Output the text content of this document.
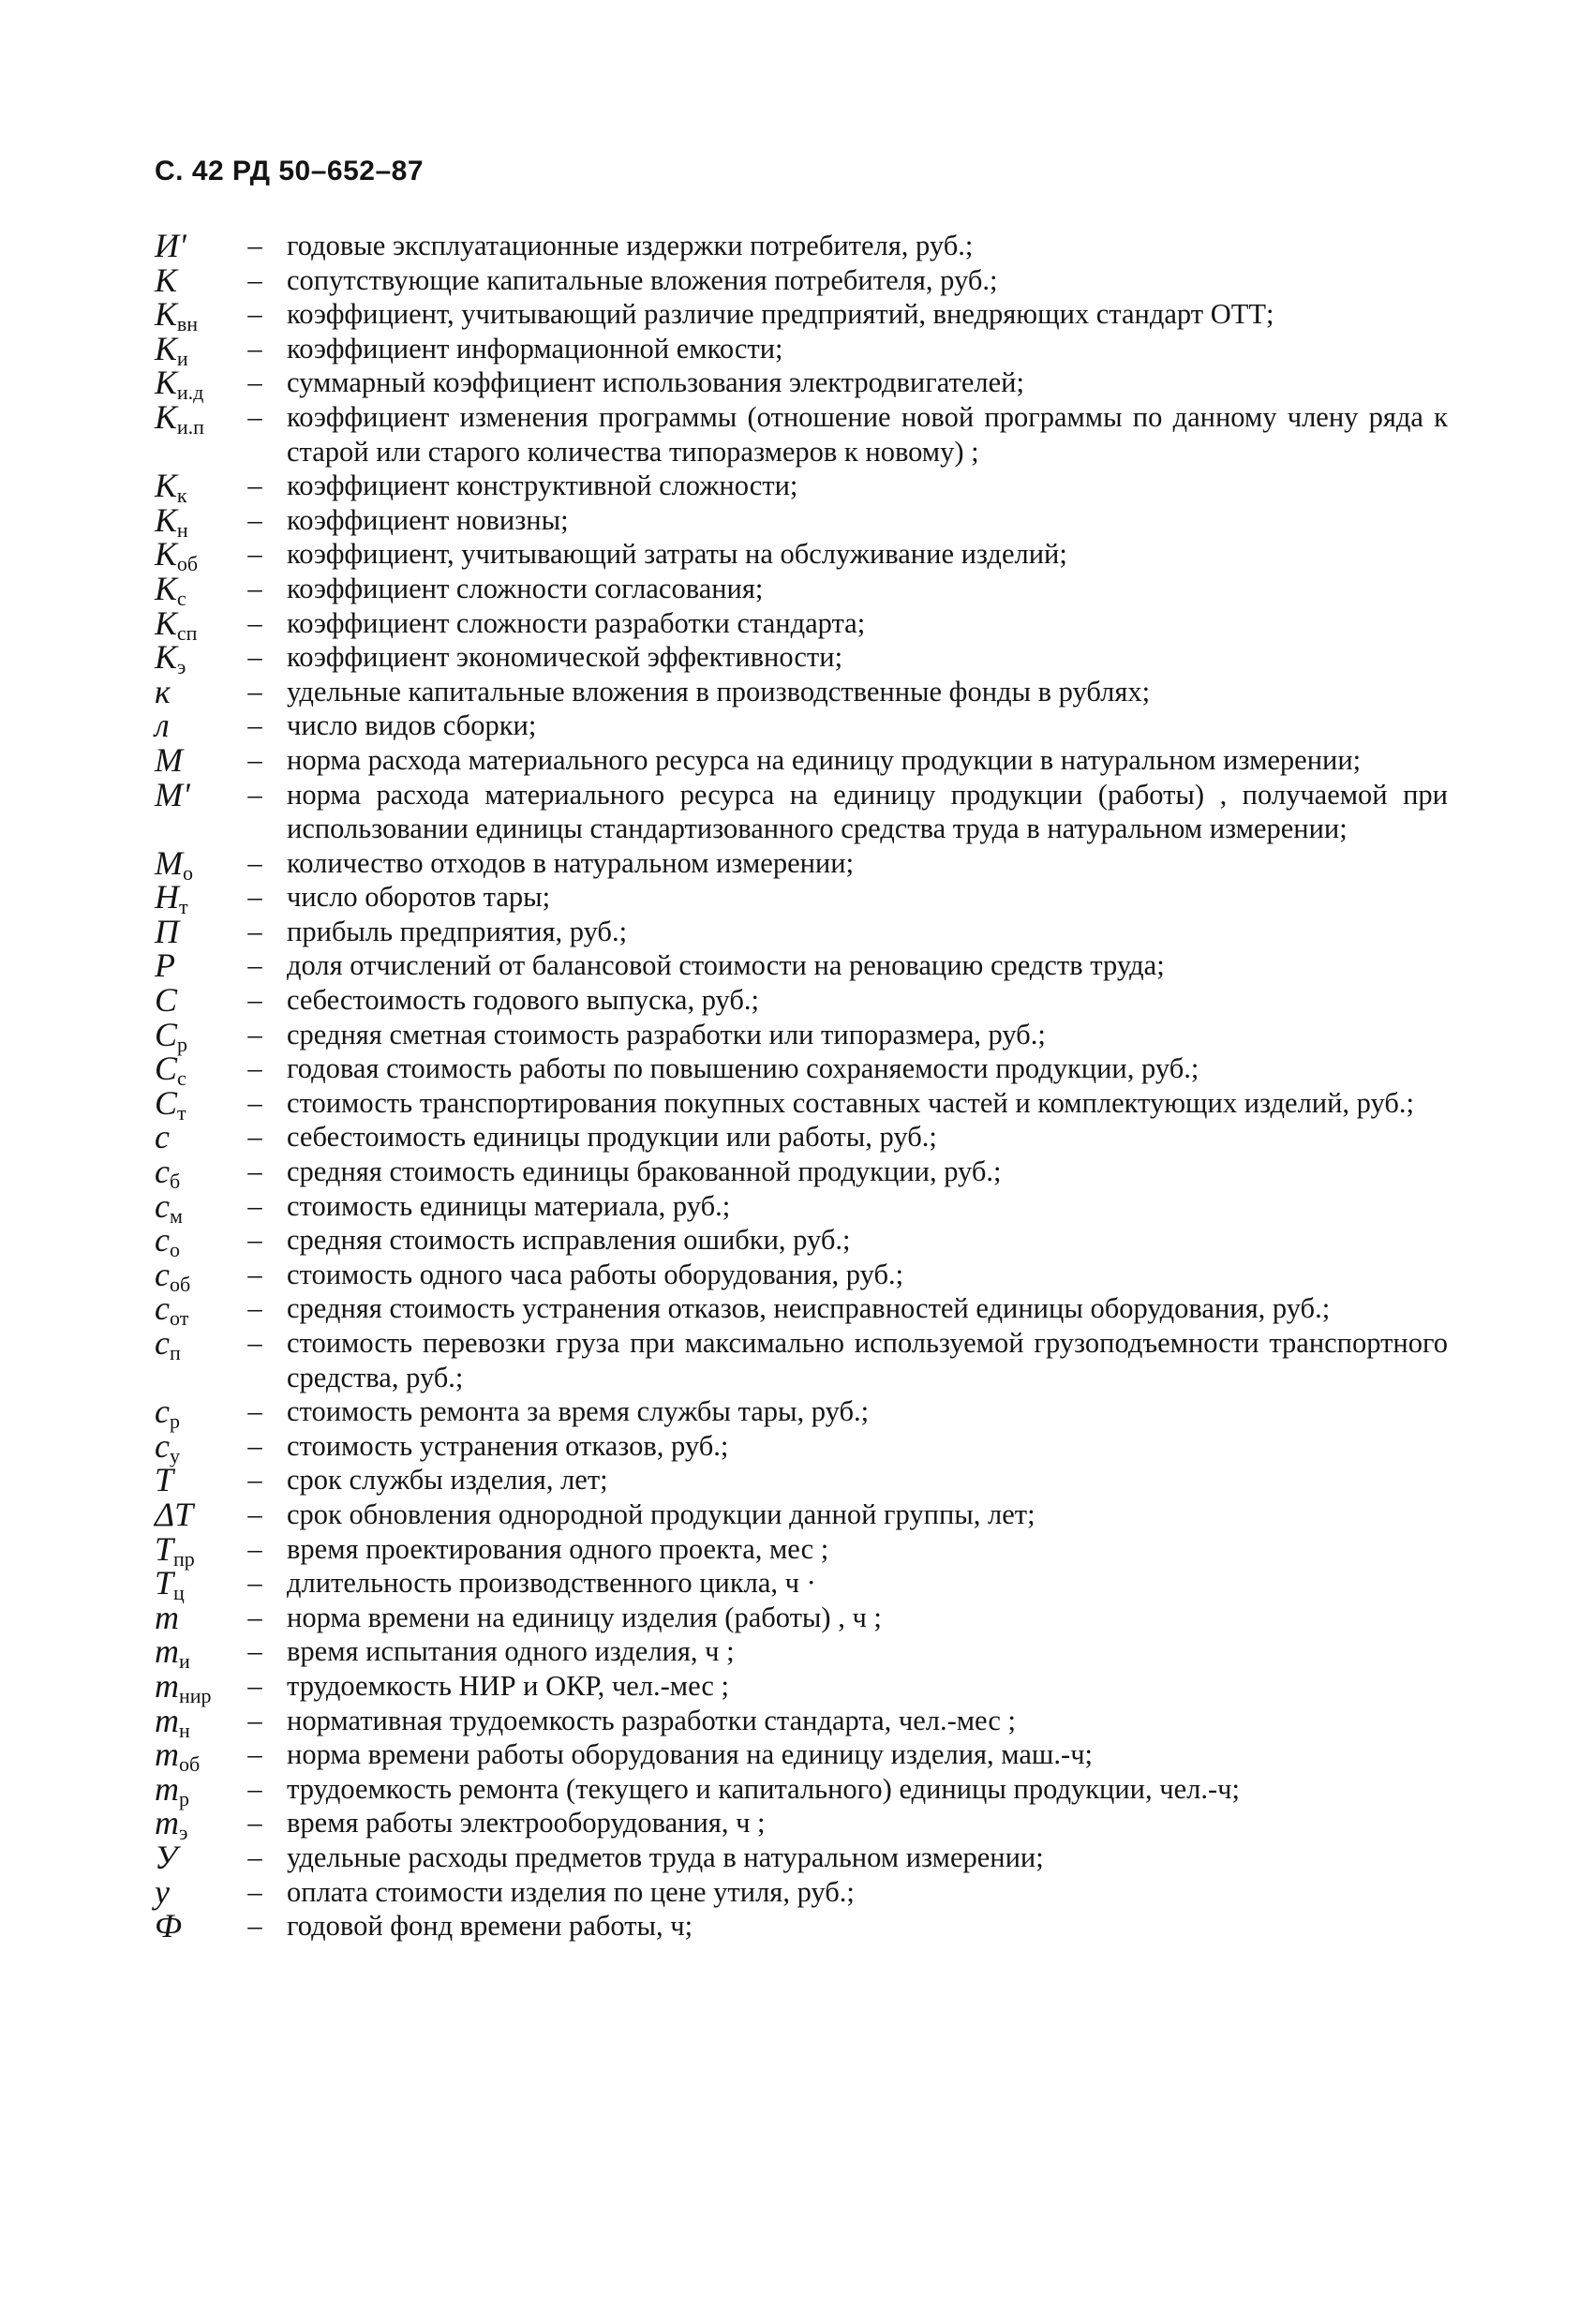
С. 42 РД 50–652–87
И'	– годовые эксплуатационные издержки потребителя, руб.;
К	– сопутствующие капитальные вложения потребителя, руб.;
$К_{вн}$	– коэффициент, учитывающий различие предприятий, внедряющих стандарт ОТТ;
$К_и$	– коэффициент информационной емкости;
$К_{и.д}$	– суммарный коэффициент использования электродвигателей;
$К_{и.п}$	– коэффициент изменения программы (отношение новой программы по данному члену ряда к старой или старого количества типоразмеров к новому) ;
$К_к$	– коэффициент конструктивной сложности;
$К_н$	– коэффициент новизны;
$К_{об}$	– коэффициент, учитывающий затраты на обслуживание изделий;
$К_с$	– коэффициент сложности согласования;
$К_{сп}$	– коэффициент сложности разработки стандарта;
$К_э$	– коэффициент экономической эффективности;
к	– удельные капитальные вложения в производственные фонды в рублях;
л	– число видов сборки;
М	– норма расхода материального ресурса на единицу продукции в натуральном измерении;
М'	– норма расхода материального ресурса на единицу продукции (работы) , получаемой при использовании единицы стандартизованного средства труда в натуральном измерении;
$М_о$	– количество отходов в натуральном измерении;
$Н_т$	– число оборотов тары;
П	– прибыль предприятия, руб.;
Р	– доля отчислений от балансовой стоимости на реновацию средств труда;
С	– себестоимость годового выпуска, руб.;
$С_р$	– средняя сметная стоимость разработки или типоразмера, руб.;
$С_с$	– годовая стоимость работы по повышению сохраняемости продукции, руб.;
$С_т$	– стоимость транспортирования покупных составных частей и комплектующих изделий, руб.;
с	– себестоимость единицы продукции или работы, руб.;
$с_б$	– средняя стоимость единицы бракованной продукции, руб.;
$с_м$	– стоимость единицы материала, руб.;
$с_о$	– средняя стоимость исправления ошибки, руб.;
$с_{об}$	– стоимость одного часа работы оборудования, руб.;
$с_{от}$	– средняя стоимость устранения отказов, неисправностей единицы оборудования, руб.;
$с_п$	– стоимость перевозки груза при максимально используемой грузоподъемности транспортного средства, руб.;
$с_р$	– стоимость ремонта за время службы тары, руб.;
$с_у$	– стоимость устранения отказов, руб.;
Т	– срок службы изделия, лет;
ΔТ	– срок обновления однородной продукции данной группы, лет;
$Т_{пр}$	– время проектирования одного проекта, мес ;
$Т_ц$	– длительность производственного цикла, ч ·
т	– норма времени на единицу изделия (работы) , ч ;
$т_и$	– время испытания одного изделия, ч ;
$т_{нир}$	– трудоемкость НИР и ОКР, чел.-мес ;
$т_н$	– нормативная трудоемкость разработки стандарта, чел.-мес ;
$т_{об}$	– норма времени работы оборудования на единицу изделия, маш.-ч;
$т_р$	– трудоемкость ремонта (текущего и капитального) единицы продукции, чел.-ч;
$т_э$	– время работы электрооборудования, ч ;
У	– удельные расходы предметов труда в натуральном измерении;
у	– оплата стоимости изделия по цене утиля, руб.;
Ф	– годовой фонд времени работы, ч;
